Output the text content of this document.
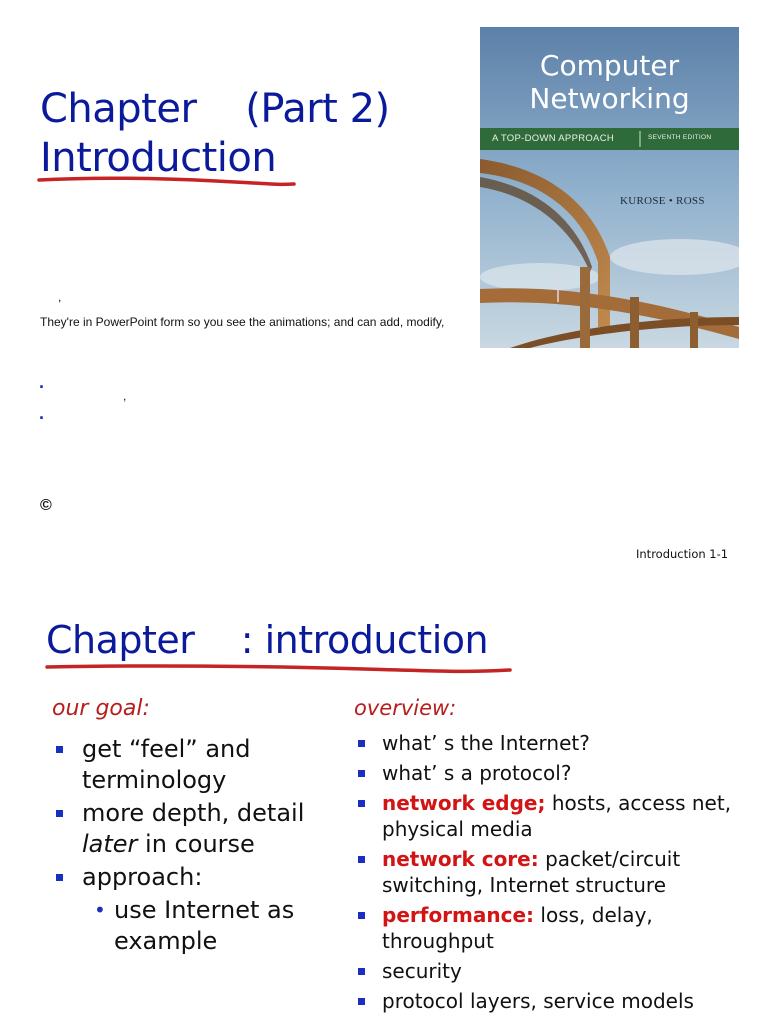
Chapter    (Part 2)
Introduction
Computer
Networking
A TOP-DOWN APPROACH	SEVENTH EDITION
KUROSE • ROSS
,
They're in PowerPoint form so you see the animations; and can add, modify,
.
,
.
©
Introduction 1-1
Chapter    : introduction
our goal:
get “feel” and terminology
more depth, detail
later in course
approach:
• use Internet as example
overview:
what’ s the Internet?
what’ s a protocol?
network edge; hosts, access net, physical media
network core: packet/circuit switching, Internet structure
performance: loss, delay, throughput
security
protocol layers, service models
